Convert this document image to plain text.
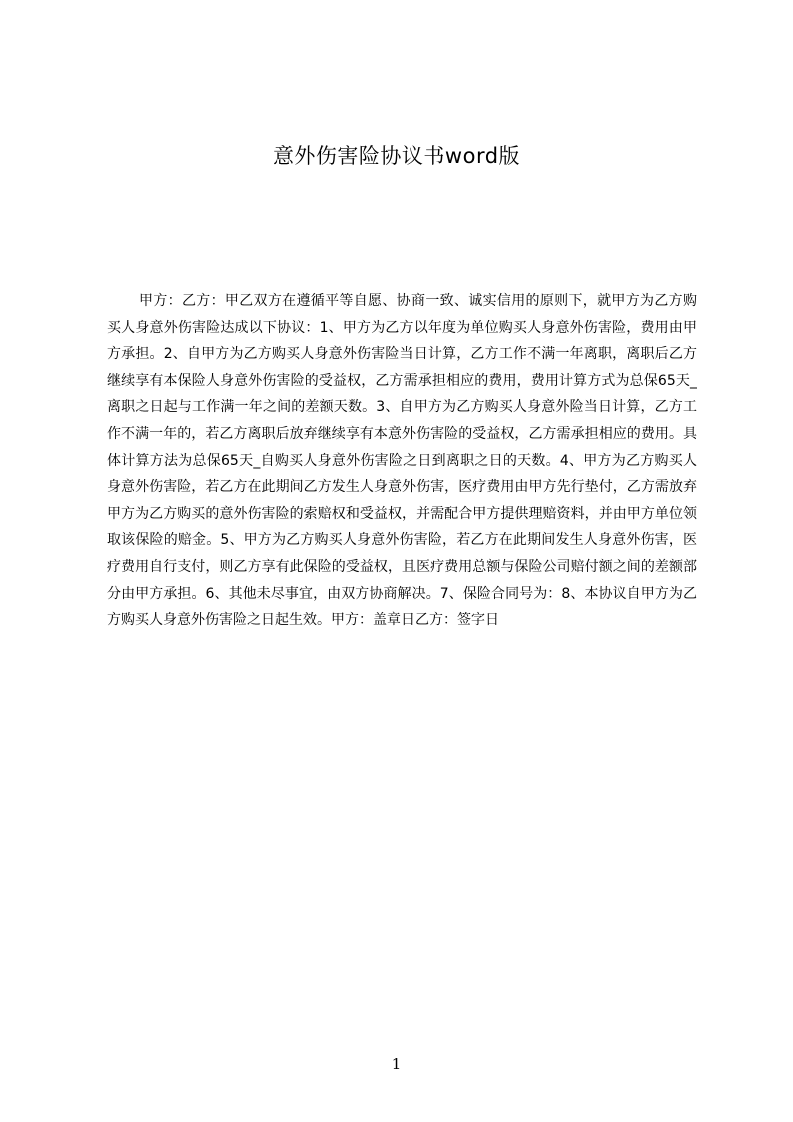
意外伤害险协议书word版
甲方：乙方：甲乙双方在遵循平等自愿、协商一致、诚实信用的原则下，就甲方为乙方购买人身意外伤害险达成以下协议：1、甲方为乙方以年度为单位购买人身意外伤害险，费用由甲方承担。2、自甲方为乙方购买人身意外伤害险当日计算，乙方工作不满一年离职，离职后乙方继续享有本保险人身意外伤害险的受益权，乙方需承担相应的费用，费用计算方式为总保65天_离职之日起与工作满一年之间的差额天数。3、自甲方为乙方购买人身意外险当日计算，乙方工作不满一年的，若乙方离职后放弃继续享有本意外伤害险的受益权，乙方需承担相应的费用。具体计算方法为总保65天_自购买人身意外伤害险之日到离职之日的天数。4、甲方为乙方购买人身意外伤害险，若乙方在此期间乙方发生人身意外伤害，医疗费用由甲方先行垫付，乙方需放弃甲方为乙方购买的意外伤害险的索赔权和受益权，并需配合甲方提供理赔资料，并由甲方单位领取该保险的赔金。5、甲方为乙方购买人身意外伤害险，若乙方在此期间发生人身意外伤害，医疗费用自行支付，则乙方享有此保险的受益权，且医疗费用总额与保险公司赔付额之间的差额部分由甲方承担。6、其他未尽事宜，由双方协商解决。7、保险合同号为：8、本协议自甲方为乙方购买人身意外伤害险之日起生效。甲方：盖章日乙方：签字日
1
